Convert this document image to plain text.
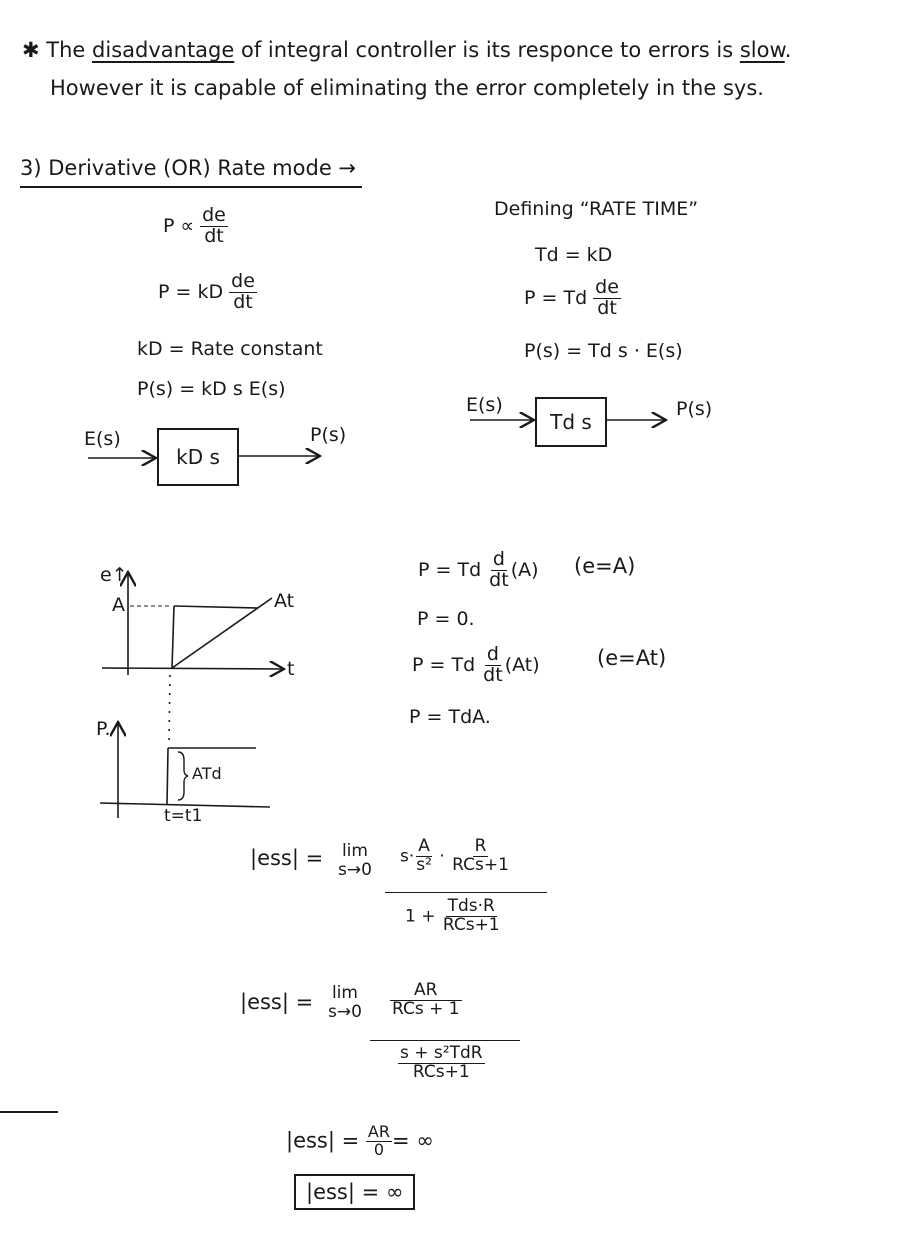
✱ The disadvantage of integral controller is its responce to errors is slow.
However it is capable of eliminating the error completely in the sys.
3) Derivative (OR) Rate mode →
$P \propto \frac{de}{dt}$
P = kD $\frac{de}{dt}$
kD = Rate constant
P(s) = kD s E(s)
E(s)
kD s
P(s)
Defining “RATE TIME”
Td = kD
P = Td $\frac{de}{dt}$
P(s) = Td s · E(s)
E(s)
Td s
P(s)
e↑
A	At
t
P.
ATd
t=t1
P = Td $\frac{d}{dt} (A)$ (e=A)
P = 0.
P = Td $\frac{d}{dt} (At)$	(e=At)
P = TdA.
|ess| = lim
s→0
$s\cdot \frac{A}{\text{s²}} \cdot \frac{R}{\text{RCs+1}}$
$1 + \frac{\text{Tds·R}}{\text{RCs+1}}$
|ess| = lim
$s\to 0 \frac{AR}{\text{RCs + 1}}$
$\frac{\text{s + s²TdR}}{\text{RCs+1}}$
$|ess| = \frac{AR}{0}$ = ∞
|ess| = ∞
